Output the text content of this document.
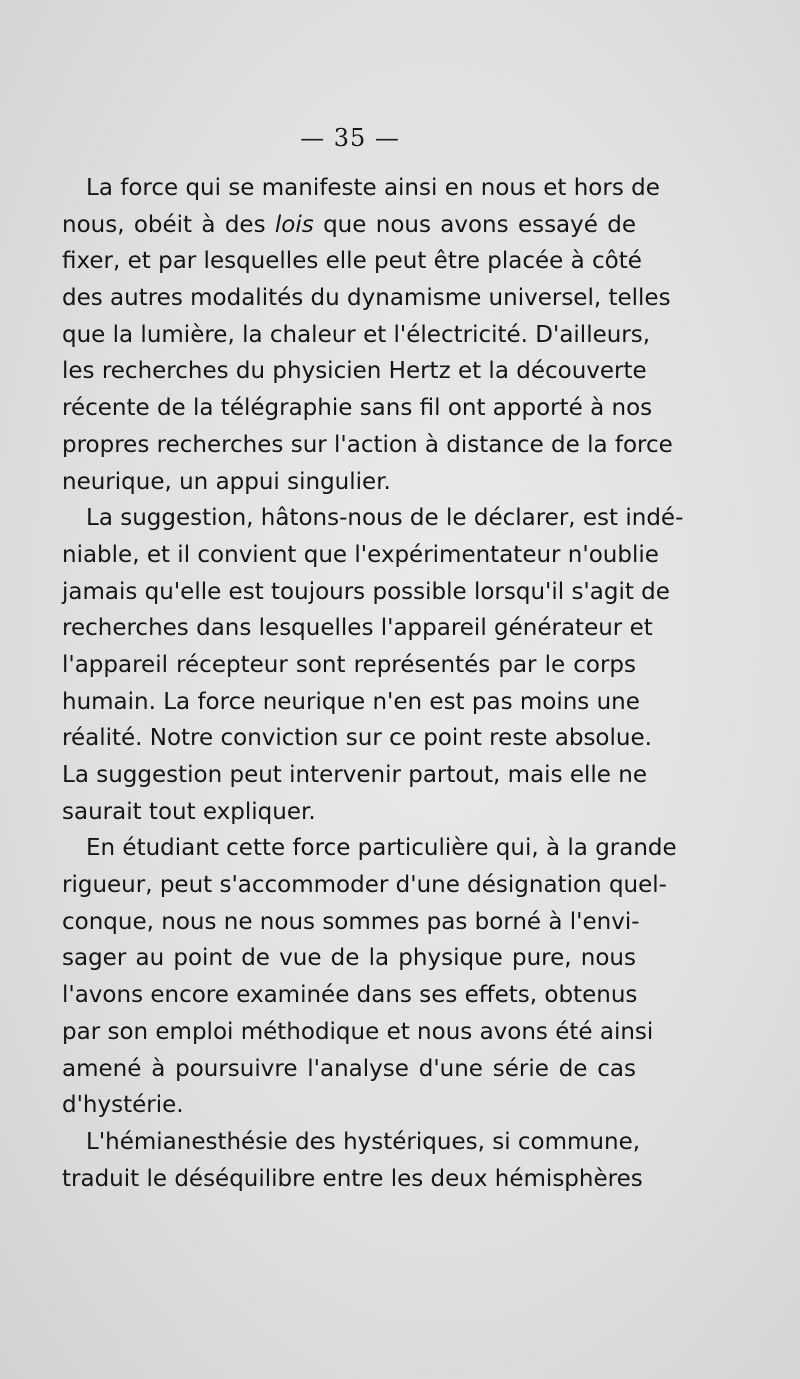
— 35 —
La force qui se manifeste ainsi en nous et hors de
nous, obéit à des lois que nous avons essayé de
fixer, et par lesquelles elle peut être placée à côté
des autres modalités du dynamisme universel, telles
que la lumière, la chaleur et l'électricité. D'ailleurs,
les recherches du physicien Hertz et la découverte
récente de la télégraphie sans fil ont apporté à nos
propres recherches sur l'action à distance de la force
neurique, un appui singulier.
La suggestion, hâtons-nous de le déclarer, est indé-
niable, et il convient que l'expérimentateur n'oublie
jamais qu'elle est toujours possible lorsqu'il s'agit de
recherches dans lesquelles l'appareil générateur et
l'appareil récepteur sont représentés par le corps
humain. La force neurique n'en est pas moins une
réalité. Notre conviction sur ce point reste absolue.
La suggestion peut intervenir partout, mais elle ne
saurait tout expliquer.
En étudiant cette force particulière qui, à la grande
rigueur, peut s'accommoder d'une désignation quel-
conque, nous ne nous sommes pas borné à l'envi-
sager au point de vue de la physique pure, nous
l'avons encore examinée dans ses effets, obtenus
par son emploi méthodique et nous avons été ainsi
amené à poursuivre l'analyse d'une série de cas
d'hystérie.
L'hémianesthésie des hystériques, si commune,
traduit le déséquilibre entre les deux hémisphères
